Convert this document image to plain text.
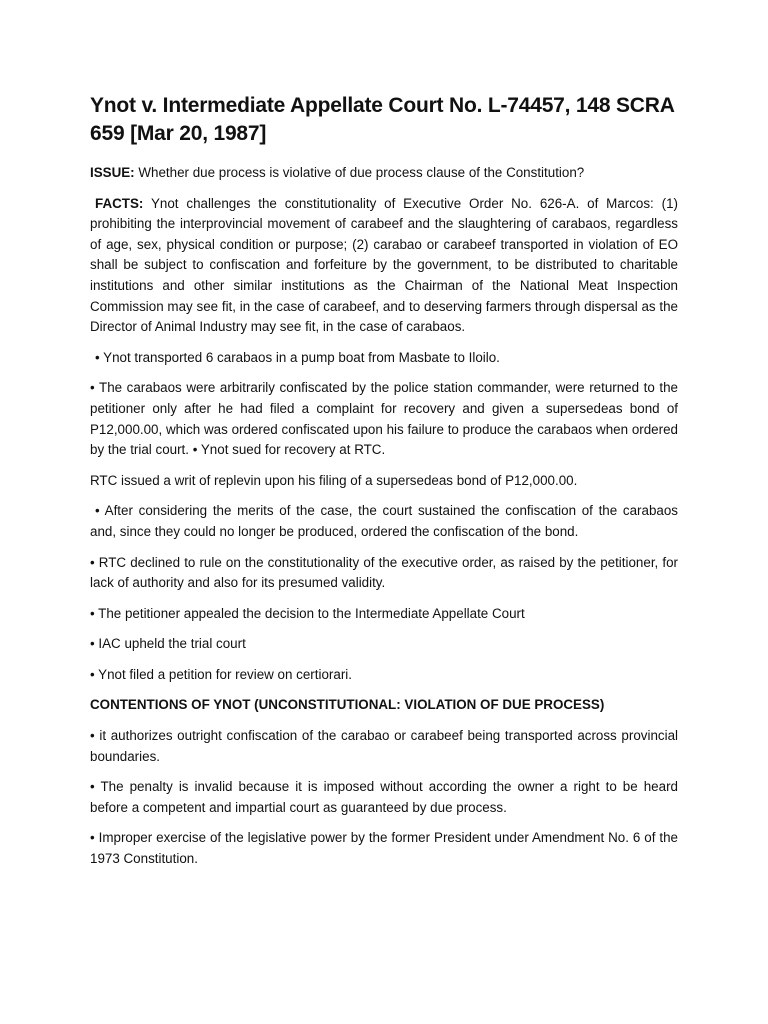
Ynot v. Intermediate Appellate Court No. L-74457, 148 SCRA 659 [Mar 20, 1987]

ISSUE: Whether due process is violative of due process clause of the Constitution?

FACTS: Ynot challenges the constitutionality of Executive Order No. 626-A. of Marcos: (1) prohibiting the interprovincial movement of carabeef and the slaughtering of carabaos, regardless of age, sex, physical condition or purpose; (2) carabao or carabeef transported in violation of EO shall be subject to confiscation and forfeiture by the government, to be distributed to charitable institutions and other similar institutions as the Chairman of the National Meat Inspection Commission may see fit, in the case of carabeef, and to deserving farmers through dispersal as the Director of Animal Industry may see fit, in the case of carabaos.

• Ynot transported 6 carabaos in a pump boat from Masbate to Iloilo.

• The carabaos were arbitrarily confiscated by the police station commander, were returned to the petitioner only after he had filed a complaint for recovery and given a supersedeas bond of P12,000.00, which was ordered confiscated upon his failure to produce the carabaos when ordered by the trial court. • Ynot sued for recovery at RTC.

RTC issued a writ of replevin upon his filing of a supersedeas bond of P12,000.00.

• After considering the merits of the case, the court sustained the confiscation of the carabaos and, since they could no longer be produced, ordered the confiscation of the bond.

• RTC declined to rule on the constitutionality of the executive order, as raised by the petitioner, for lack of authority and also for its presumed validity.

• The petitioner appealed the decision to the Intermediate Appellate Court

• IAC upheld the trial court

• Ynot filed a petition for review on certiorari.

CONTENTIONS OF YNOT (UNCONSTITUTIONAL: VIOLATION OF DUE PROCESS)

• it authorizes outright confiscation of the carabao or carabeef being transported across provincial boundaries.

• The penalty is invalid because it is imposed without according the owner a right to be heard before a competent and impartial court as guaranteed by due process.

• Improper exercise of the legislative power by the former President under Amendment No. 6 of the 1973 Constitution.
